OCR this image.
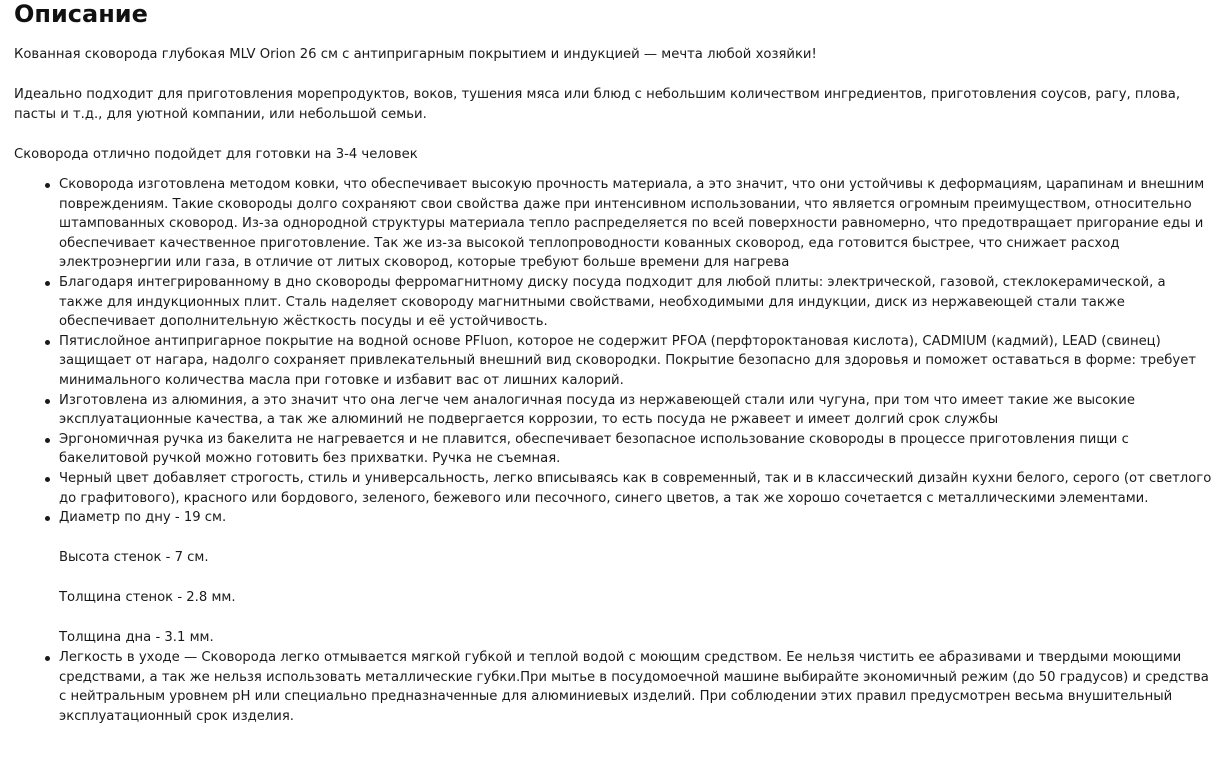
Описание

Кованная сковорода глубокая MLV Orion 26 см с антипригарным покрытием и индукцией — мечта любой хозяйки!

Идеально подходит для приготовления морепродуктов, воков, тушения мяса или блюд с небольшим количеством ингредиентов, приготовления соусов, рагу, плова, пасты и т.д., для уютной компании, или небольшой семьи.

Сковорода отлично подойдет для готовки на 3-4 человек

Сковорода изготовлена методом ковки, что обеспечивает высокую прочность материала, а это значит, что они устойчивы к деформациям, царапинам и внешним повреждениям. Такие сковороды долго сохраняют свои свойства даже при интенсивном использовании, что является огромным преимуществом, относительно штампованных сковород. Из-за однородной структуры материала тепло распределяется по всей поверхности равномерно, что предотвращает пригорание еды и обеспечивает качественное приготовление. Так же из-за высокой теплопроводности кованных сковород, еда готовится быстрее, что снижает расход электроэнергии или газа, в отличие от литых сковород, которые требуют больше времени для нагрева
Благодаря интегрированному в дно сковороды ферромагнитному диску посуда подходит для любой плиты: электрической, газовой, стеклокерамической, а также для индукционных плит. Сталь наделяет сковороду магнитными свойствами, необходимыми для индукции, диск из нержавеющей стали также обеспечивает дополнительную жёсткость посуды и её устойчивость.
Пятислойное антипригарное покрытие на водной основе PFluon, которое не содержит PFOA (перфтороктановая кислота), CADMIUM (кадмий), LEAD (свинец) защищает от нагара, надолго сохраняет привлекательный внешний вид сковородки. Покрытие безопасно для здоровья и поможет оставаться в форме: требует минимального количества масла при готовке и избавит вас от лишних калорий.
Изготовлена из алюминия, а это значит что она легче чем аналогичная посуда из нержавеющей стали или чугуна, при том что имеет такие же высокие эксплуатационные качества, а так же алюминий не подвергается коррозии, то есть посуда не ржавеет и имеет долгий срок службы
Эргономичная ручка из бакелита не нагревается и не плавится, обеспечивает безопасное использование сковороды в процессе приготовления пищи с бакелитовой ручкой можно готовить без прихватки. Ручка не съемная.
Черный цвет добавляет строгость, стиль и универсальность, легко вписываясь как в современный, так и в классический дизайн кухни белого, серого (от светлого до графитового), красного или бордового, зеленого, бежевого или песочного, синего цветов, а так же хорошо сочетается с металлическими элементами.
Диаметр по дну - 19 см.
Высота стенок - 7 см.
Толщина стенок - 2.8 мм.
Толщина дна - 3.1 мм.
Легкость в уходе — Сковорода легко отмывается мягкой губкой и теплой водой с моющим средством. Ее нельзя чистить ее абразивами и твердыми моющими средствами, а так же нельзя использовать металлические губки.При мытье в посудомоечной машине выбирайте экономичный режим (до 50 градусов) и средства с нейтральным уровнем pH или специально предназначенные для алюминиевых изделий. При соблюдении этих правил предусмотрен весьма внушительный эксплуатационный срок изделия.
